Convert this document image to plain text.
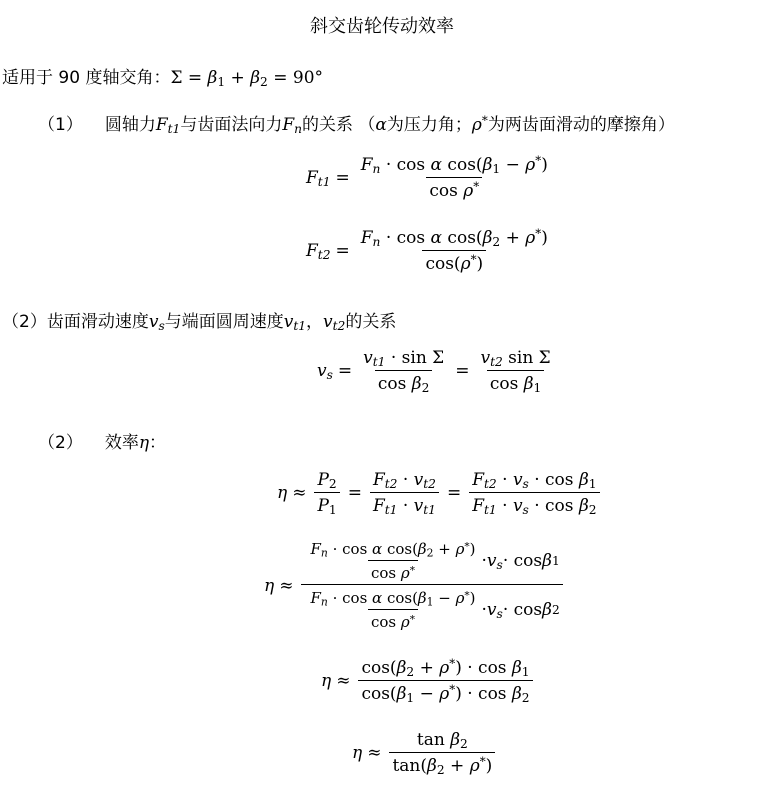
斜交齿轮传动效率
适用于 90 度轴交角：$\Sigma = \beta_1 + \beta_2 = 90^\circ$
（1） 圆轴力$F_{t1}$与齿面法向力$F_n$的关系 （α为压力角；ρ*为两齿面滑动的摩擦角）
$F_{t1} = \frac{F_n \cdot \cos \alpha \cos(\beta_1 - \rho^*)}{\cos \rho^*}$
$F_{t2} = \frac{F_n \cdot \cos \alpha \cos(\beta_2 + \rho^*)}{\cos(\rho^*)}$
（2）齿面滑动速度$v_s$与端面圆周速度$v_{t1}$，$v_{t2}$的关系
$v_s = \frac{v_{t1} \cdot \sin \Sigma}{\cos \beta_2} = \frac{v_{t2} \sin \Sigma}{\cos \beta_1}$
（2） 效率η：
$\eta \approx \frac{P_2}{P_1} = \frac{F_{t2} \cdot v_{t2}}{F_{t1} \cdot v_{t1}} = \frac{F_{t2} \cdot v_s \cdot \cos \beta_1}{F_{t1} \cdot v_s \cdot \cos \beta_2}$
$\eta \approx \frac{\frac{F_n \cdot \cos \alpha \cos(\beta_2 + \rho^*)}{\cos \rho^*} \cdot v_s \cdot \cos \beta 1}{\frac{F_n \cdot \cos \alpha \cos(\beta_1 - \rho^*)}{\cos \rho^*} \cdot v_s \cdot \cos \beta 2}$
$\eta \approx \frac{\cos(\beta_2 + \rho^*) \cdot \cos \beta_1}{\cos(\beta_1 - \rho^*) \cdot \cos \beta_2}$
$\eta \approx \frac{\tan \beta_2}{\tan(\beta_2 + \rho^*)}$
